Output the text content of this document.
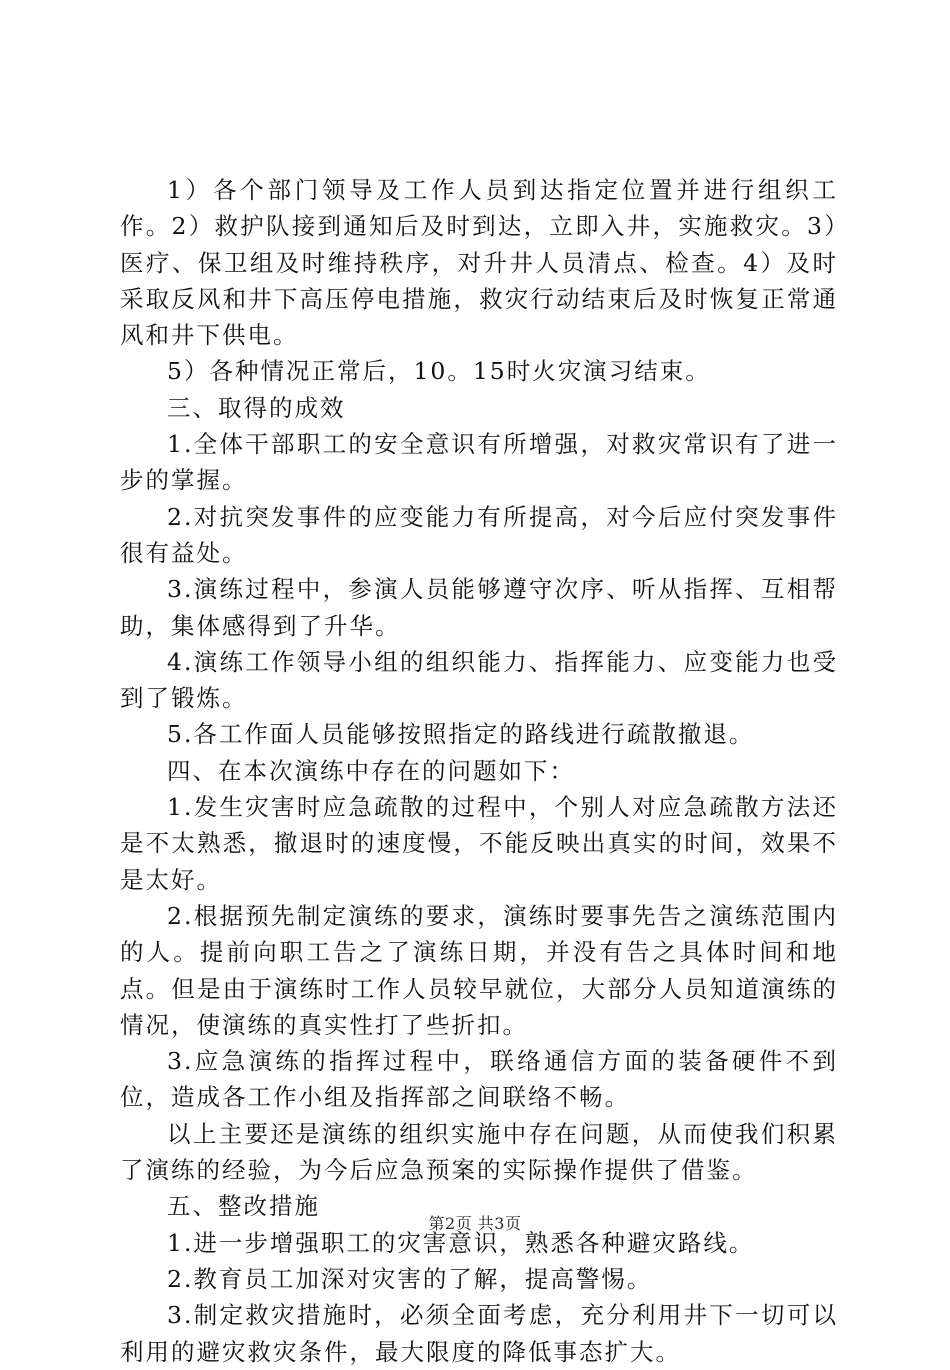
1）各个部门领导及工作人员到达指定位置并进行组织工作。2）救护队接到通知后及时到达，立即入井，实施救灾。3）医疗、保卫组及时维持秩序，对升井人员清点、检查。4）及时采取反风和井下高压停电措施，救灾行动结束后及时恢复正常通风和井下供电。

5）各种情况正常后，10。15时火灾演习结束。

三、取得的成效

1.全体干部职工的安全意识有所增强，对救灾常识有了进一步的掌握。

2.对抗突发事件的应变能力有所提高，对今后应付突发事件很有益处。

3.演练过程中，参演人员能够遵守次序、听从指挥、互相帮助，集体感得到了升华。

4.演练工作领导小组的组织能力、指挥能力、应变能力也受到了锻炼。

5.各工作面人员能够按照指定的路线进行疏散撤退。

四、在本次演练中存在的问题如下：

1.发生灾害时应急疏散的过程中，个别人对应急疏散方法还是不太熟悉，撤退时的速度慢，不能反映出真实的时间，效果不是太好。

2.根据预先制定演练的要求，演练时要事先告之演练范围内的人。提前向职工告之了演练日期，并没有告之具体时间和地点。但是由于演练时工作人员较早就位，大部分人员知道演练的情况，使演练的真实性打了些折扣。

3.应急演练的指挥过程中，联络通信方面的装备硬件不到位，造成各工作小组及指挥部之间联络不畅。

以上主要还是演练的组织实施中存在问题，从而使我们积累了演练的经验，为今后应急预案的实际操作提供了借鉴。

五、整改措施

1.进一步增强职工的灾害意识，熟悉各种避灾路线。

2.教育员工加深对灾害的了解，提高警惕。

3.制定救灾措施时，必须全面考虑，充分利用井下一切可以利用的避灾救灾条件，最大限度的降低事态扩大。

第2页 共3页
